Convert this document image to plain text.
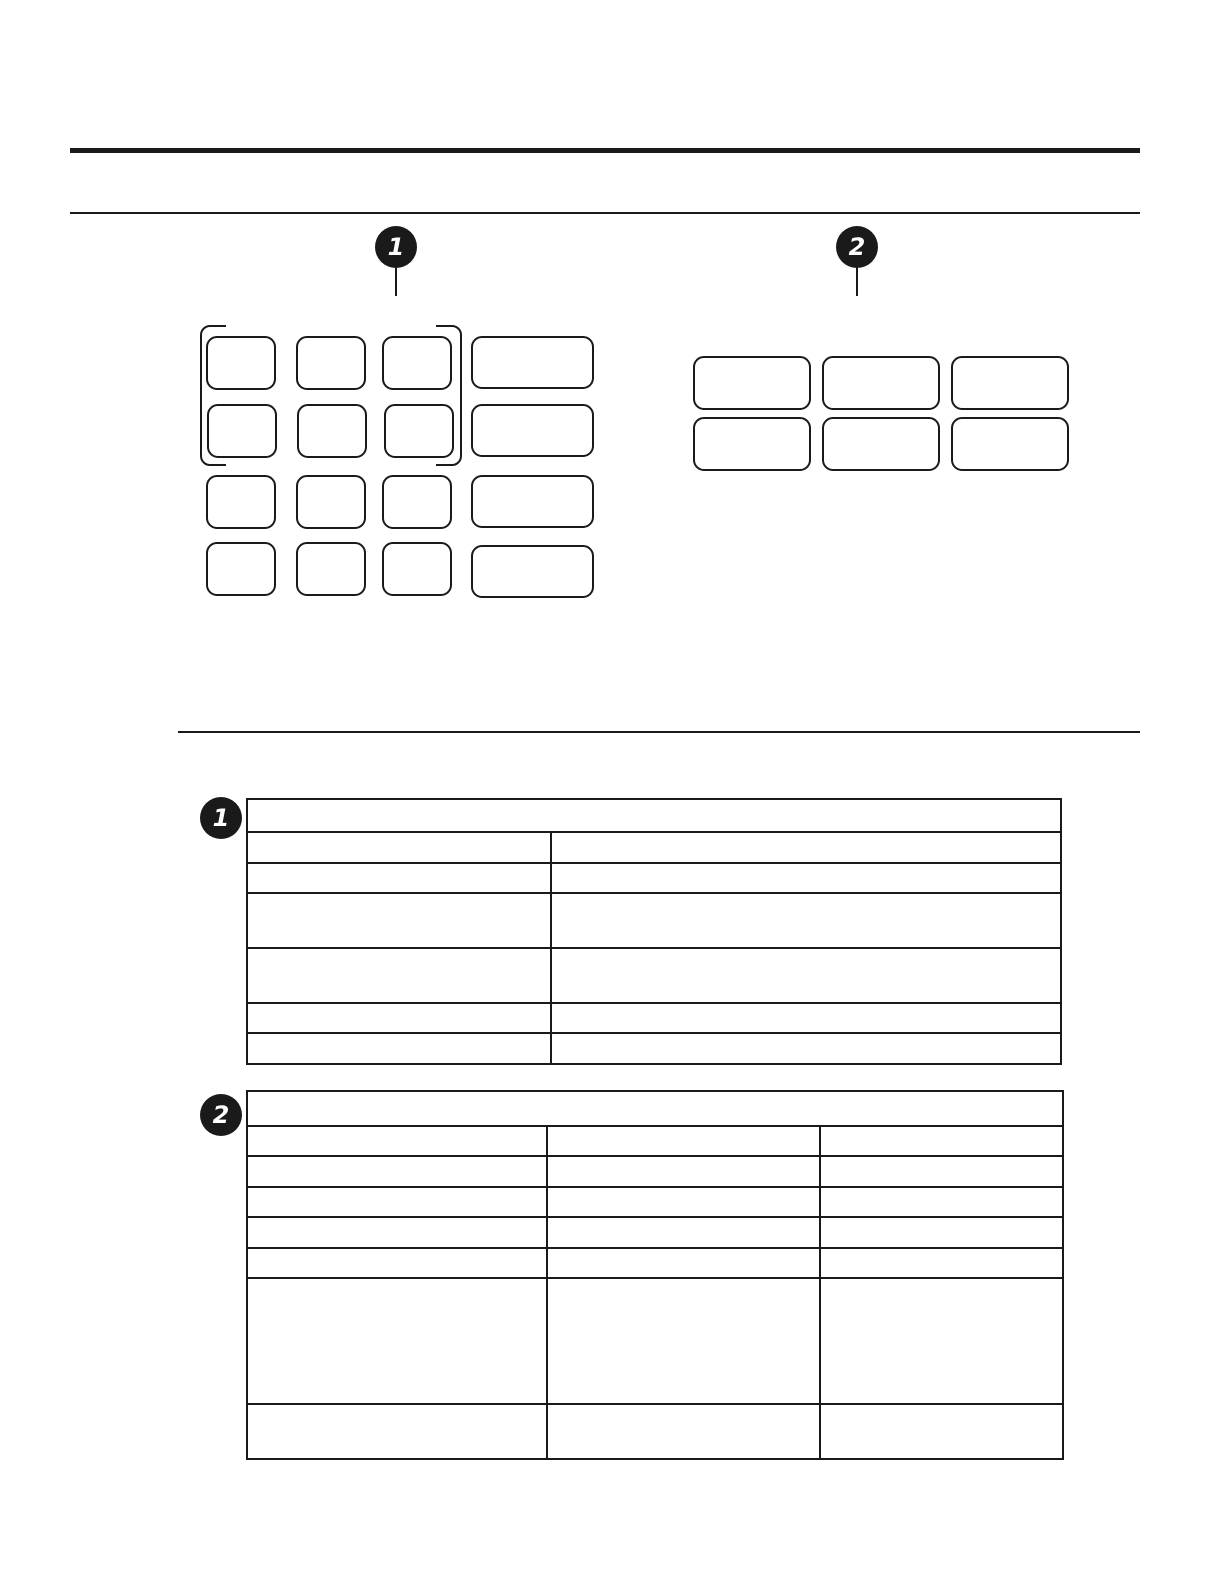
1	2
1

2
